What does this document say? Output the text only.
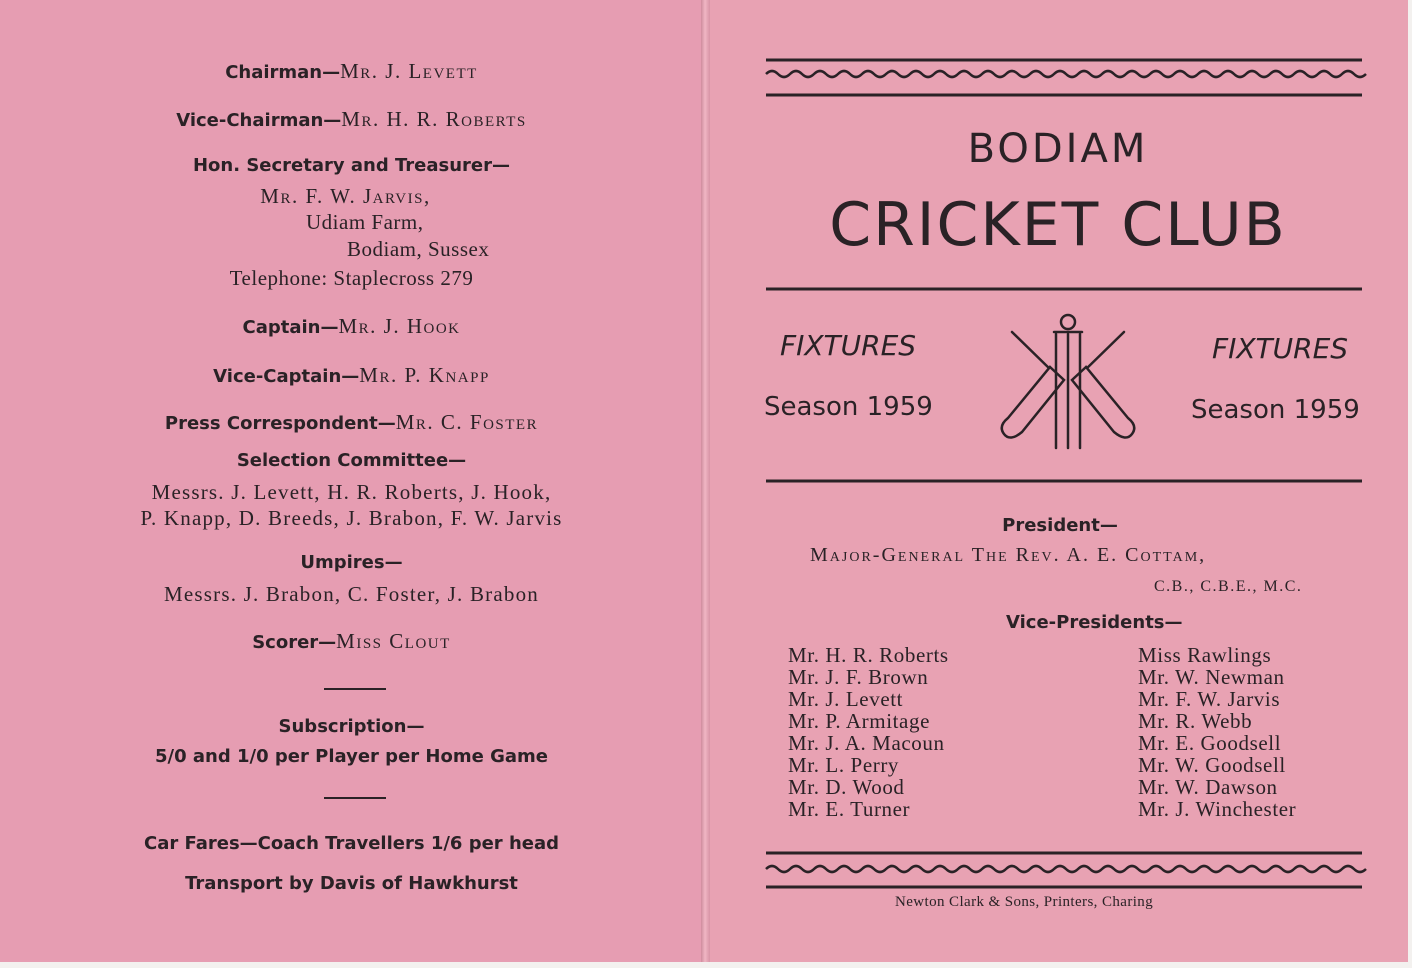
Chairman—Mr. J. Levett
Vice-Chairman—Mr. H. R. Roberts
Hon. Secretary and Treasurer—
Mr. F. W. Jarvis,
Udiam Farm,
Bodiam, Sussex
Telephone: Staplecross 279
Captain—Mr. J. Hook
Vice-Captain—Mr. P. Knapp
Press Correspondent—Mr. C. Foster
Selection Committee—
Messrs. J. Levett, H. R. Roberts, J. Hook,
P. Knapp, D. Breeds, J. Brabon, F. W. Jarvis
Umpires—
Messrs. J. Brabon, C. Foster, J. Brabon
Scorer—Miss Clout
Subscription—
5/0 and 1/0 per Player per Home Game
Car Fares—Coach Travellers 1/6 per head
Transport by Davis of Hawkhurst
BODIAM
CRICKET CLUB
FIXTURES
Season 1959
FIXTURES
Season 1959
President—
Major-General The Rev. A. E. Cottam,
C.B., C.B.E., M.C.
Vice-Presidents—
Mr. H. R. Roberts
Mr. J. F. Brown
Mr. J. Levett
Mr. P. Armitage
Mr. J. A. Macoun
Mr. L. Perry
Mr. D. Wood
Mr. E. Turner
Miss Rawlings
Mr. W. Newman
Mr. F. W. Jarvis
Mr. R. Webb
Mr. E. Goodsell
Mr. W. Goodsell
Mr. W. Dawson
Mr. J. Winchester
Newton Clark & Sons, Printers, Charing
